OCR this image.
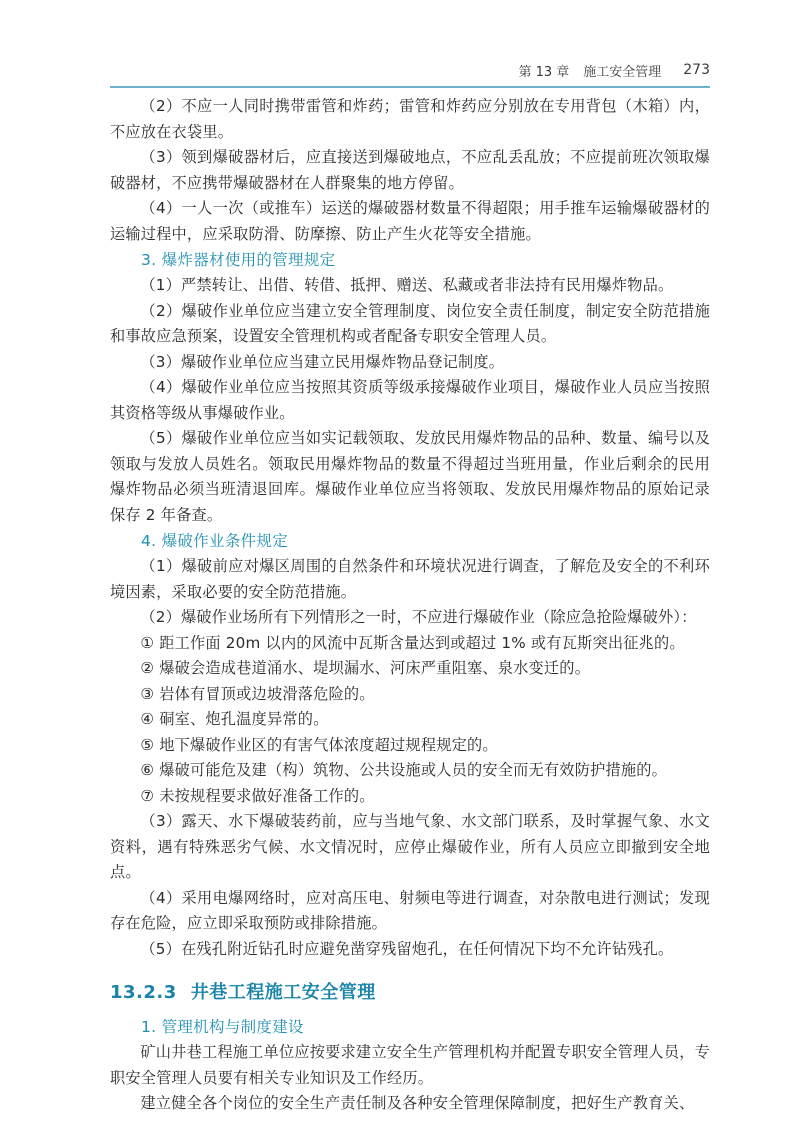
第 13 章 施工安全管理 273

（2）不应一人同时携带雷管和炸药；雷管和炸药应分别放在专用背包（木箱）内，不应放在衣袋里。

（3）领到爆破器材后，应直接送到爆破地点，不应乱丢乱放；不应提前班次领取爆破器材，不应携带爆破器材在人群聚集的地方停留。

（4）一人一次（或推车）运送的爆破器材数量不得超限；用手推车运输爆破器材的运输过程中，应采取防滑、防摩擦、防止产生火花等安全措施。

3. 爆炸器材使用的管理规定

（1）严禁转让、出借、转借、抵押、赠送、私藏或者非法持有民用爆炸物品。

（2）爆破作业单位应当建立安全管理制度、岗位安全责任制度，制定安全防范措施和事故应急预案，设置安全管理机构或者配备专职安全管理人员。

（3）爆破作业单位应当建立民用爆炸物品登记制度。

（4）爆破作业单位应当按照其资质等级承接爆破作业项目，爆破作业人员应当按照其资格等级从事爆破作业。

（5）爆破作业单位应当如实记载领取、发放民用爆炸物品的品种、数量、编号以及领取与发放人员姓名。领取民用爆炸物品的数量不得超过当班用量，作业后剩余的民用爆炸物品必须当班清退回库。爆破作业单位应当将领取、发放民用爆炸物品的原始记录保存 2 年备查。

4. 爆破作业条件规定

（1）爆破前应对爆区周围的自然条件和环境状况进行调查，了解危及安全的不利环境因素，采取必要的安全防范措施。

（2）爆破作业场所有下列情形之一时，不应进行爆破作业（除应急抢险爆破外）：

① 距工作面 20m 以内的风流中瓦斯含量达到或超过 1% 或有瓦斯突出征兆的。

② 爆破会造成巷道涌水、堤坝漏水、河床严重阻塞、泉水变迁的。

③ 岩体有冒顶或边坡滑落危险的。

④ 硐室、炮孔温度异常的。

⑤ 地下爆破作业区的有害气体浓度超过规程规定的。

⑥ 爆破可能危及建（构）筑物、公共设施或人员的安全而无有效防护措施的。

⑦ 未按规程要求做好准备工作的。

（3）露天、水下爆破装药前，应与当地气象、水文部门联系，及时掌握气象、水文资料，遇有特殊恶劣气候、水文情况时，应停止爆破作业，所有人员应立即撤到安全地点。

（4）采用电爆网络时，应对高压电、射频电等进行调查，对杂散电进行测试；发现存在危险，应立即采取预防或排除措施。

（5）在残孔附近钻孔时应避免凿穿残留炮孔，在任何情况下均不允许钻残孔。

13.2.3 井巷工程施工安全管理

1. 管理机构与制度建设

矿山井巷工程施工单位应按要求建立安全生产管理机构并配置专职安全管理人员，专职安全管理人员要有相关专业知识及工作经历。

建立健全各个岗位的安全生产责任制及各种安全管理保障制度，把好生产教育关、
